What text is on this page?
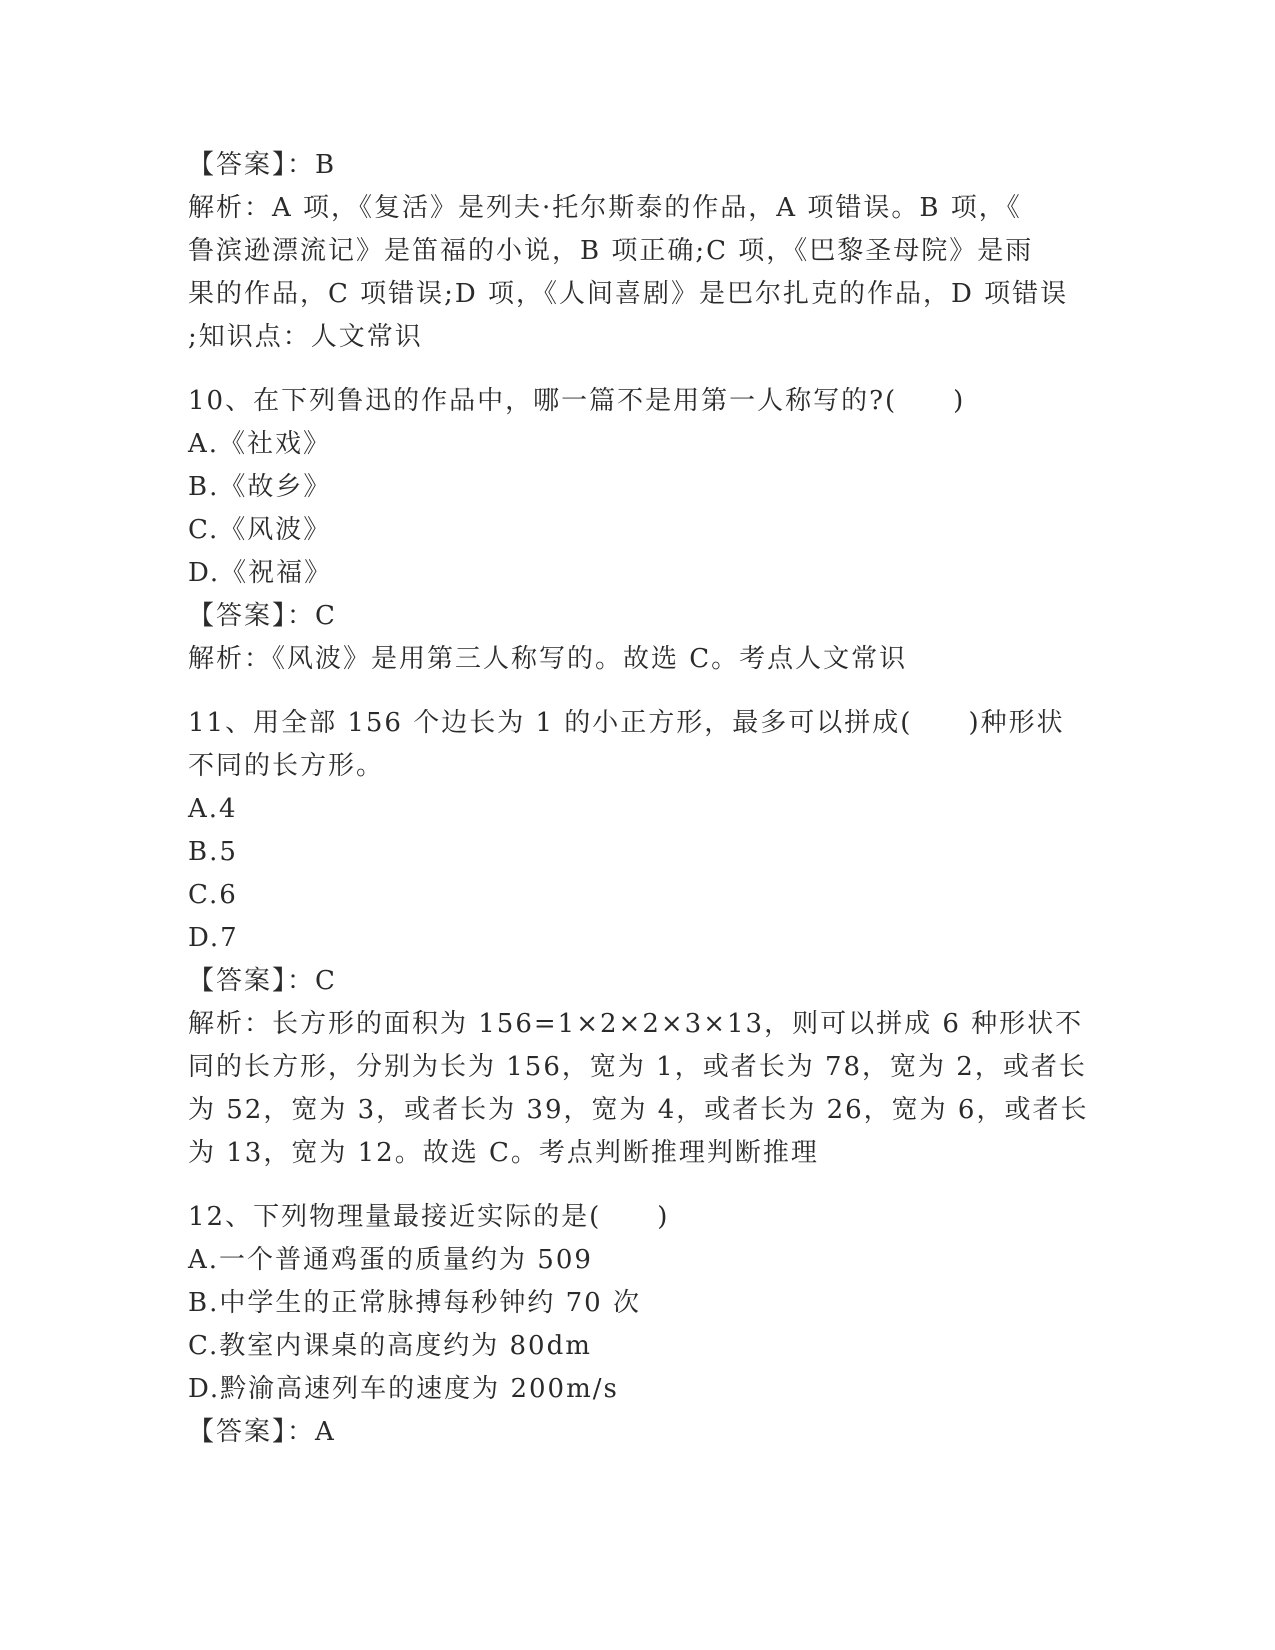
【答案】：B
解析：A 项，《复活》是列夫·托尔斯泰的作品，A 项错误。B 项，《
鲁滨逊漂流记》是笛福的小说，B 项正确;C 项，《巴黎圣母院》是雨
果的作品，C 项错误;D 项，《人间喜剧》是巴尔扎克的作品，D 项错误
;知识点：人文常识
10、在下列鲁迅的作品中，哪一篇不是用第一人称写的?(　　)
A.《社戏》
B.《故乡》
C.《风波》
D.《祝福》
【答案】：C
解析：《风波》是用第三人称写的。故选 C。考点人文常识
11、用全部 156 个边长为 1 的小正方形，最多可以拼成(　　)种形状
不同的长方形。
A.4
B.5
C.6
D.7
【答案】：C
解析：长方形的面积为 156=1×2×2×3×13，则可以拼成 6 种形状不
同的长方形，分别为长为 156，宽为 1，或者长为 78，宽为 2，或者长
为 52，宽为 3，或者长为 39，宽为 4，或者长为 26，宽为 6，或者长
为 13，宽为 12。故选 C。考点判断推理判断推理
12、下列物理量最接近实际的是(　　)
A.一个普通鸡蛋的质量约为 509
B.中学生的正常脉搏每秒钟约 70 次
C.教室内课桌的高度约为 80dm
D.黔渝高速列车的速度为 200m/s
【答案】：A
